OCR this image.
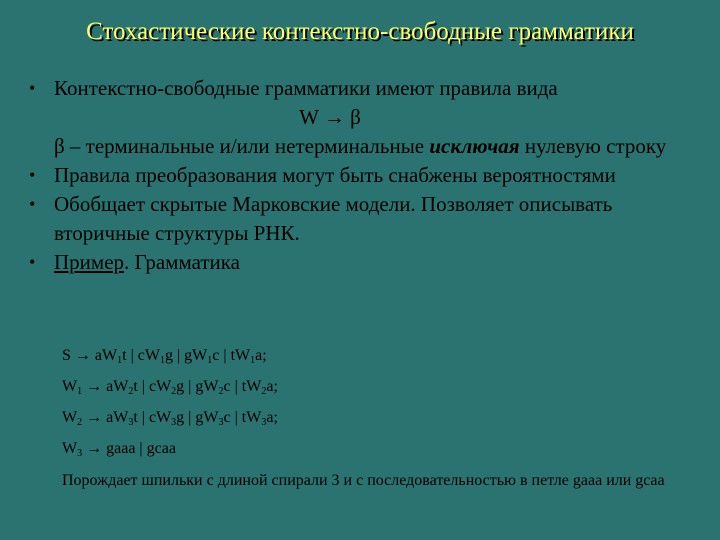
Стохастические контекстно-свободные грамматики
• Контекстно-свободные грамматики имеют правила вида
W → β
β – терминальные и/или нетерминальные исключая нулевую строку
• Правила преобразования могут быть снабжены вероятностями
• Обобщает скрытые Марковские модели. Позволяет описывать вторичные структуры РНК.
• Пример. Грамматика
$S \to aW_1t$ | $cW_1g$ | $gW_1c$ | $tW_1a$;
$W_1 \to aW_2t$ | $cW_2g$ | $gW_2c$ | $tW_2a$;
$W_2 \to aW_3t$ | $cW_3g$ | $gW_3c$ | $tW_3a$;
$W_3$ → gaaa | gcaa
Порождает шпильки с длиной спирали 3 и с последовательностью в петле gaaa или gcaa
